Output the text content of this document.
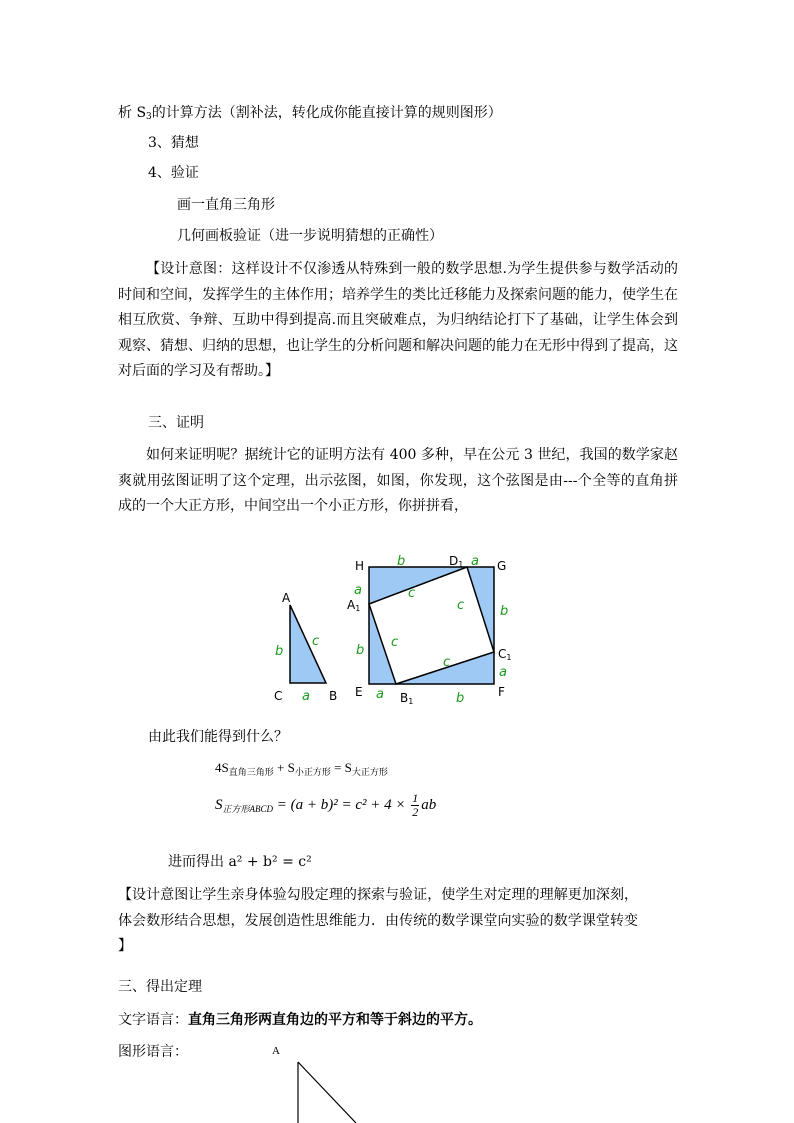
析 $S_3$的计算方法（割补法，转化成你能直接计算的规则图形）
3、猜想
4、验证
画一直角三角形
几何画板验证（进一步说明猜想的正确性）
【设计意图：这样设计不仅渗透从特殊到一般的数学思想.为学生提供参与数学活动的时间和空间，发挥学生的主体作用；培养学生的类比迁移能力及探索问题的能力，使学生在相互欣赏、争辩、互助中得到提高.而且突破难点，为归纳结论打下了基础，让学生体会到观察、猜想、归纳的思想，也让学生的分析问题和解决问题的能力在无形中得到了提高，这对后面的学习及有帮助。】
三、证明
如何来证明呢？据统计它的证明方法有 400 多种，早在公元 3 世纪，我国的数学家赵爽就用弦图证明了这个定理，出示弦图，如图，你发现，这个弦图是由---个全等的直角拼成的一个大正方形，中间空出一个小正方形，你拼拼看，
A
C	B
a
b
c
H	G
E	F
D1
A1
B1
C1
b	a
a
b
b
a
a	b
c
c
c
c
由此我们能得到什么？
$4S_{直角三角形} + S_{小正方形} = S_{大正方形}$
$S_{正方形ABCD} = (a + b)^2 = c^2 + 4 \times \frac{1}{2}$ ab
进而得出 a² + b² = c²
【设计意图让学生亲身体验勾股定理的探索与验证，使学生对定理的理解更加深刻，体会数形结合思想，发展创造性思维能力．由传统的数学课堂向实验的数学课堂转变 】
三、得出定理
文字语言：直角三角形两直角边的平方和等于斜边的平方。
图形语言：	A
